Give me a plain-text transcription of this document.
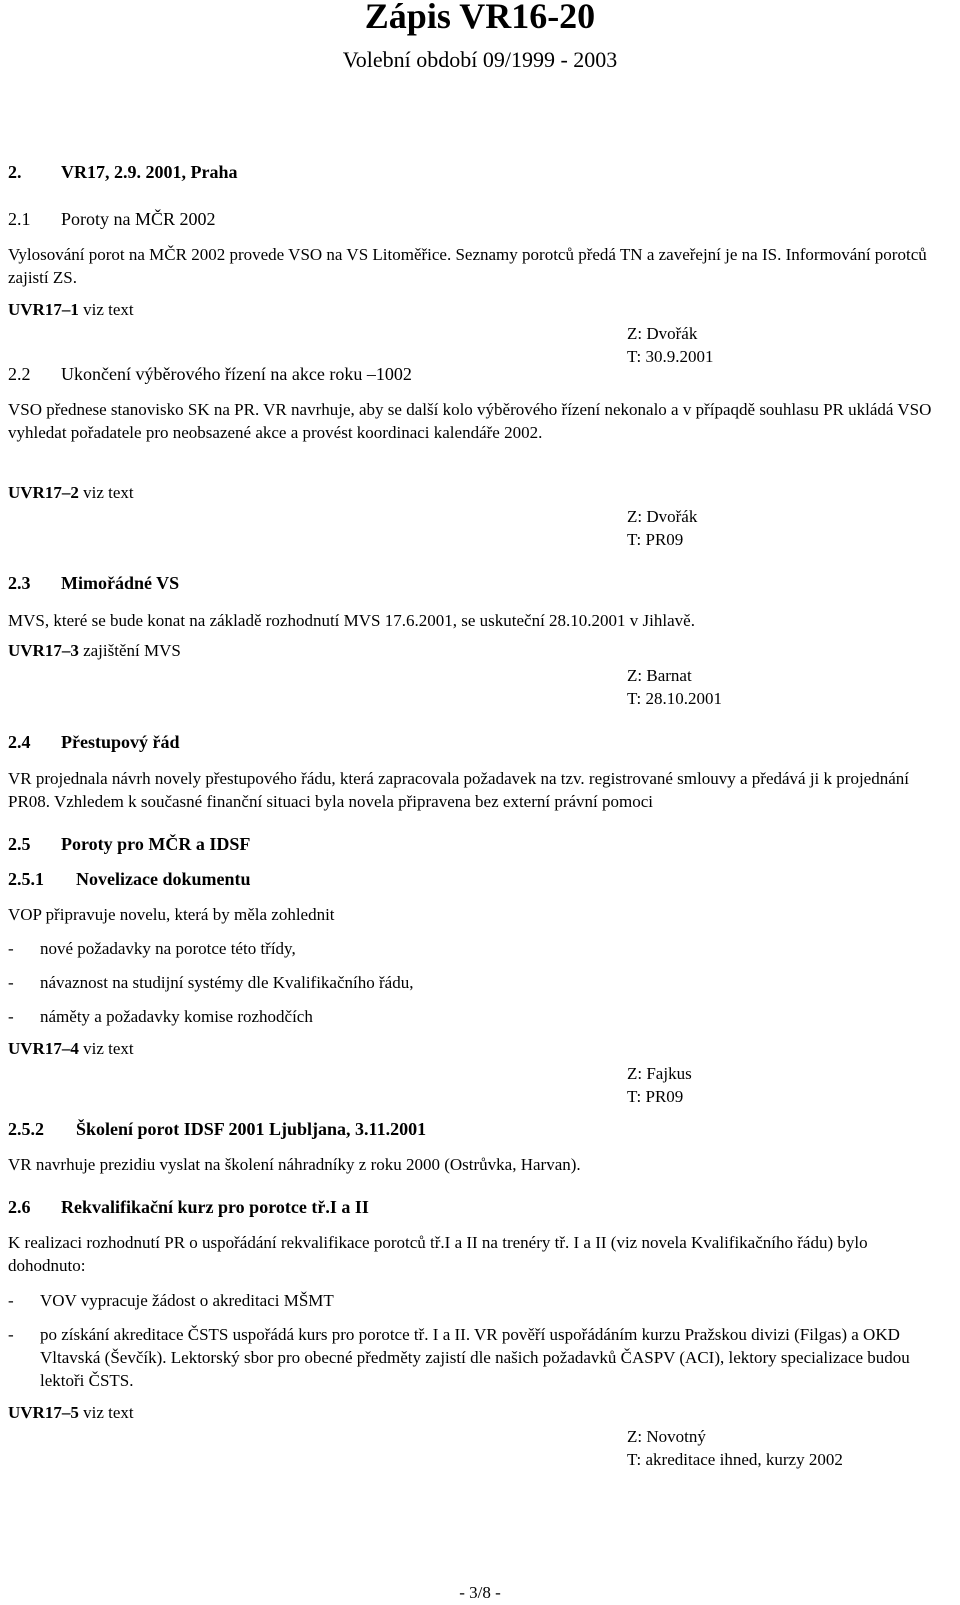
Zápis VR16-20
Volební období 09/1999 - 2003
2. VR17, 2.9. 2001, Praha
2.1 Poroty na MČR 2002
Vylosování porot na MČR 2002 provede VSO na VS Litoměřice. Seznamy porotců předá TN a zaveřejní je na IS. Informování porotců zajistí ZS.
UVR17–1 viz text
Z: Dvořák
T: 30.9.2001
2.2 Ukončení výběrového řízení na akce roku –1002
VSO přednese stanovisko SK na PR. VR navrhuje, aby se další kolo výběrového řízení nekonalo a v přípaqdě souhlasu PR ukládá VSO vyhledat pořadatele pro neobsazené akce a provést koordinaci kalendáře 2002.
UVR17–2 viz text
Z: Dvořák
T: PR09
2.3 Mimořádné VS
MVS, které se bude konat na základě rozhodnutí MVS 17.6.2001, se uskuteční 28.10.2001 v Jihlavě.
UVR17–3 zajištění MVS
Z: Barnat
T: 28.10.2001
2.4 Přestupový řád
VR projednala návrh novely přestupového řádu, která zapracovala požadavek na tzv. registrované smlouvy a předává ji k projednání PR08. Vzhledem k současné finanční situaci byla novela připravena bez externí právní pomoci
2.5 Poroty pro MČR a IDSF
2.5.1 Novelizace dokumentu
VOP připravuje novelu, která by měla zohlednit
- nové požadavky na porotce této třídy,
- návaznost na studijní systémy dle Kvalifikačního řádu,
- náměty a požadavky komise rozhodčích
UVR17–4 viz text
Z: Fajkus
T: PR09
2.5.2 Školení porot IDSF 2001 Ljubljana, 3.11.2001
VR navrhuje prezidiu vyslat na školení náhradníky z roku 2000 (Ostrůvka, Harvan).
2.6 Rekvalifikační kurz pro porotce tř.I a II
K realizaci rozhodnutí PR o uspořádání rekvalifikace porotců tř.I a II na trenéry tř. I a II (viz novela Kvalifikačního řádu) bylo dohodnuto:
- VOV vypracuje žádost o akreditaci MŠMT
-	po získání akreditace ČSTS uspořádá kurs pro porotce tř. I a II. VR pověří uspořádáním kurzu Pražskou divizi (Filgas) a OKD Vltavská (Ševčík). Lektorský sbor pro obecné předměty zajistí dle našich požadavků ČASPV (ACI), lektory specializace budou lektoři ČSTS.
UVR17–5 viz text
Z: Novotný
T: akreditace ihned, kurzy 2002
- 3/8 -
